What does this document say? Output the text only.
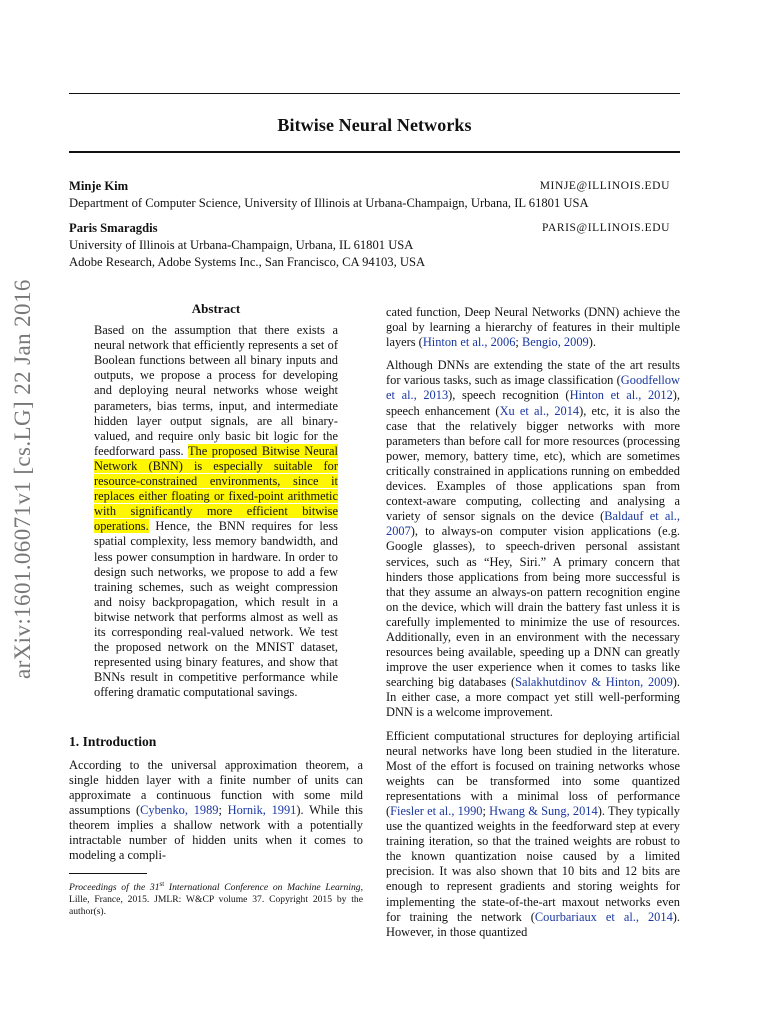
Bitwise Neural Networks
Minje Kim	MINJE@ILLINOIS.EDU
Department of Computer Science, University of Illinois at Urbana-Champaign, Urbana, IL 61801 USA
Paris Smaragdis	PARIS@ILLINOIS.EDU
University of Illinois at Urbana-Champaign, Urbana, IL 61801 USA
Adobe Research, Adobe Systems Inc., San Francisco, CA 94103, USA
arXiv:1601.06071v1 [cs.LG] 22 Jan 2016	Abstract
Based on the assumption that there exists a neural network that efficiently represents a set of Boolean functions between all binary inputs and outputs, we propose a process for developing and deploying neural networks whose weight parameters, bias terms, input, and intermediate hidden layer output signals, are all binary-valued, and require only basic bit logic for the feedforward pass. The proposed Bitwise Neural Network (BNN) is especially suitable for resource-constrained environments, since it replaces either floating or fixed-point arithmetic with significantly more efficient bitwise operations. Hence, the BNN requires for less spatial complexity, less memory bandwidth, and less power consumption in hardware. In order to design such networks, we propose to add a few training schemes, such as weight compression and noisy backpropagation, which result in a bitwise network that performs almost as well as its corresponding real-valued network. We test the proposed network on the MNIST dataset, represented using binary features, and show that BNNs result in competitive performance while offering dramatic computational savings.
1. Introduction

According to the universal approximation theorem, a single hidden layer with a finite number of units can approximate a continuous function with some mild assumptions (Cybenko, 1989; Hornik, 1991). While this theorem implies a shallow network with a potentially intractable number of hidden units when it comes to modeling a compli-

Proceedings of the 31st International Conference on Machine Learning, Lille, France, 2015. JMLR: W&CP volume 37. Copyright 2015 by the author(s).

cated function, Deep Neural Networks (DNN) achieve the goal by learning a hierarchy of features in their multiple layers (Hinton et al., 2006; Bengio, 2009).

Although DNNs are extending the state of the art results for various tasks, such as image classification (Goodfellow et al., 2013), speech recognition (Hinton et al., 2012), speech enhancement (Xu et al., 2014), etc, it is also the case that the relatively bigger networks with more parameters than before call for more resources (processing power, memory, battery time, etc), which are sometimes critically constrained in applications running on embedded devices. Examples of those applications span from context-aware computing, collecting and analysing a variety of sensor signals on the device (Baldauf et al., 2007), to always-on computer vision applications (e.g. Google glasses), to speech-driven personal assistant services, such as “Hey, Siri.” A primary concern that hinders those applications from being more successful is that they assume an always-on pattern recognition engine on the device, which will drain the battery fast unless it is carefully implemented to minimize the use of resources. Additionally, even in an environment with the necessary resources being available, speeding up a DNN can greatly improve the user experience when it comes to tasks like searching big databases (Salakhutdinov & Hinton, 2009). In either case, a more compact yet still well-performing DNN is a welcome improvement.

Efficient computational structures for deploying artificial neural networks have long been studied in the literature. Most of the effort is focused on training networks whose weights can be transformed into some quantized representations with a minimal loss of performance (Fiesler et al., 1990; Hwang & Sung, 2014). They typically use the quantized weights in the feedforward step at every training iteration, so that the trained weights are robust to the known quantization noise caused by a limited precision. It was also shown that 10 bits and 12 bits are enough to represent gradients and storing weights for implementing the state-of-the-art maxout networks even for training the network (Courbariaux et al., 2014). However, in those quantized
